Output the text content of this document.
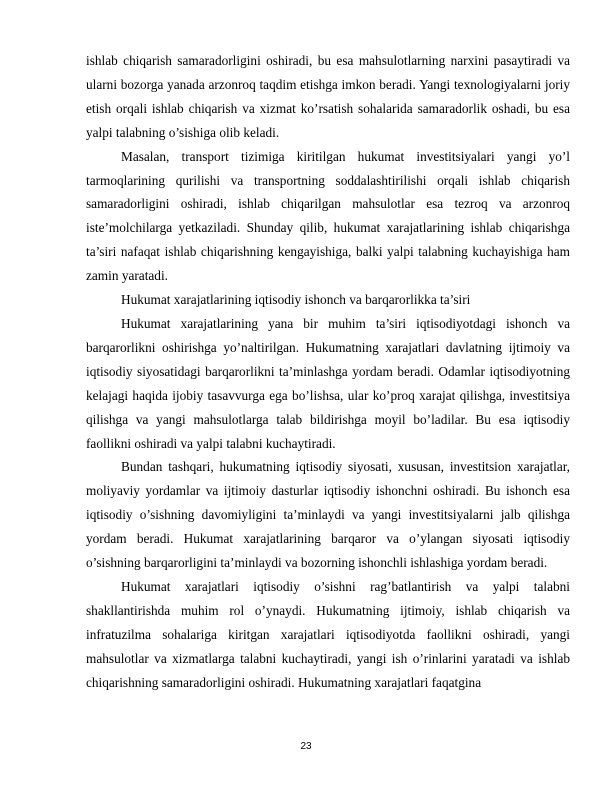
ishlab chiqarish samaradorligini oshiradi, bu esa mahsulotlarning narxini pasaytiradi va ularni bozorga yanada arzonroq taqdim etishga imkon beradi. Yangi texnologiyalarni joriy etish orqali ishlab chiqarish va xizmat ko’rsatish sohalarida samaradorlik oshadi, bu esa yalpi talabning o’sishiga olib keladi.

Masalan, transport tizimiga kiritilgan hukumat investitsiyalari yangi yo’l tarmoqlarining qurilishi va transportning soddalashtirilishi orqali ishlab chiqarish samaradorligini oshiradi, ishlab chiqarilgan mahsulotlar esa tezroq va arzonroq iste’molchilarga yetkaziladi. Shunday qilib, hukumat xarajatlarining ishlab chiqarishga ta’siri nafaqat ishlab chiqarishning kengayishiga, balki yalpi talabning kuchayishiga ham zamin yaratadi.

Hukumat xarajatlarining iqtisodiy ishonch va barqarorlikka ta’siri

Hukumat xarajatlarining yana bir muhim ta’siri iqtisodiyotdagi ishonch va barqarorlikni oshirishga yo’naltirilgan. Hukumatning xarajatlari davlatning ijtimoiy va iqtisodiy siyosatidagi barqarorlikni ta’minlashga yordam beradi. Odamlar iqtisodiyotning kelajagi haqida ijobiy tasavvurga ega bo’lishsa, ular ko’proq xarajat qilishga, investitsiya qilishga va yangi mahsulotlarga talab bildirishga moyil bo’ladilar. Bu esa iqtisodiy faollikni oshiradi va yalpi talabni kuchaytiradi.

Bundan tashqari, hukumatning iqtisodiy siyosati, xususan, investitsion xarajatlar, moliyaviy yordamlar va ijtimoiy dasturlar iqtisodiy ishonchni oshiradi. Bu ishonch esa iqtisodiy o’sishning davomiyligini ta’minlaydi va yangi investitsiyalarni jalb qilishga yordam beradi. Hukumat xarajatlarining barqaror va o’ylangan siyosati iqtisodiy o’sishning barqarorligini ta’minlaydi va bozorning ishonchli ishlashiga yordam beradi.

Hukumat xarajatlari iqtisodiy o’sishni rag’batlantirish va yalpi talabni shakllantirishda muhim rol o’ynaydi. Hukumatning ijtimoiy, ishlab chiqarish va infratuzilma sohalariga kiritgan xarajatlari iqtisodiyotda faollikni oshiradi, yangi mahsulotlar va xizmatlarga talabni kuchaytiradi, yangi ish o’rinlarini yaratadi va ishlab chiqarishning samaradorligini oshiradi. Hukumatning xarajatlari faqatgina

23
